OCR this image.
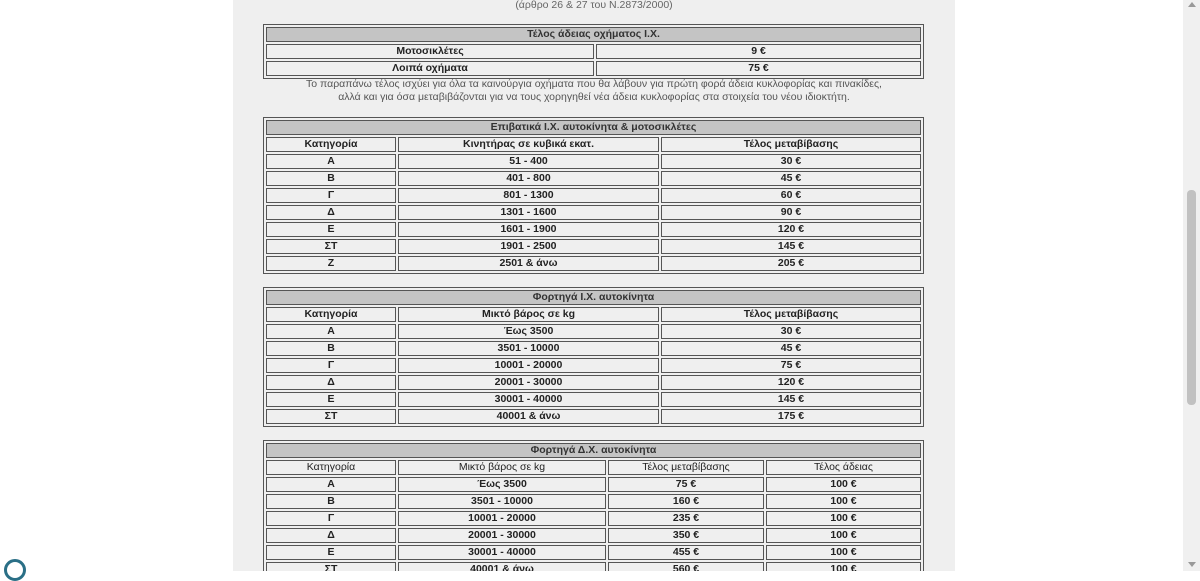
(άρθρο 26 & 27 του Ν.2873/2000)
Τέλος άδειας οχήματος Ι.Χ.	
Μοτοσικλέτες	9 €
Λοιπά οχήματα	75 €
Το παραπάνω τέλος ισχύει για όλα τα καινούργια οχήματα που θα λάβουν για πρώτη φορά άδεια κυκλοφορίας και πινακίδες,
αλλά και για όσα μεταβιβάζονται για να τους χορηγηθεί νέα άδεια κυκλοφορίας στα στοιχεία του νέου ιδιοκτήτη.
Επιβατικά Ι.Χ. αυτοκίνητα & μοτοσικλέτες		
Κατηγορία	Κινητήρας σε κυβικά εκατ.	Τέλος μεταβίβασης
Α	51 - 400	30 €
Β	401 - 800	45 €
Γ	801 - 1300	60 €
Δ	1301 - 1600	90 €
Ε	1601 - 1900	120 €
ΣΤ	1901 - 2500	145 €
Ζ	2501 & άνω	205 €
Φορτηγά Ι.Χ. αυτοκίνητα		
Κατηγορία	Μικτό βάρος σε kg	Τέλος μεταβίβασης
Α	Έως 3500	30 €
Β	3501 - 10000	45 €
Γ	10001 - 20000	75 €
Δ	20001 - 30000	120 €
Ε	30001 - 40000	145 €
ΣΤ	40001 & άνω	175 €
Φορτηγά Δ.Χ. αυτοκίνητα			
Κατηγορία	Μικτό βάρος σε kg	Τέλος μεταβίβασης	Τέλος άδειας
Α	Έως 3500	75 €	100 €
Β	3501 - 10000	160 €	100 €
Γ	10001 - 20000	235 €	100 €
Δ	20001 - 30000	350 €	100 €
Ε	30001 - 40000	455 €	100 €
ΣΤ	40001 & άνω	560 €	100 €
